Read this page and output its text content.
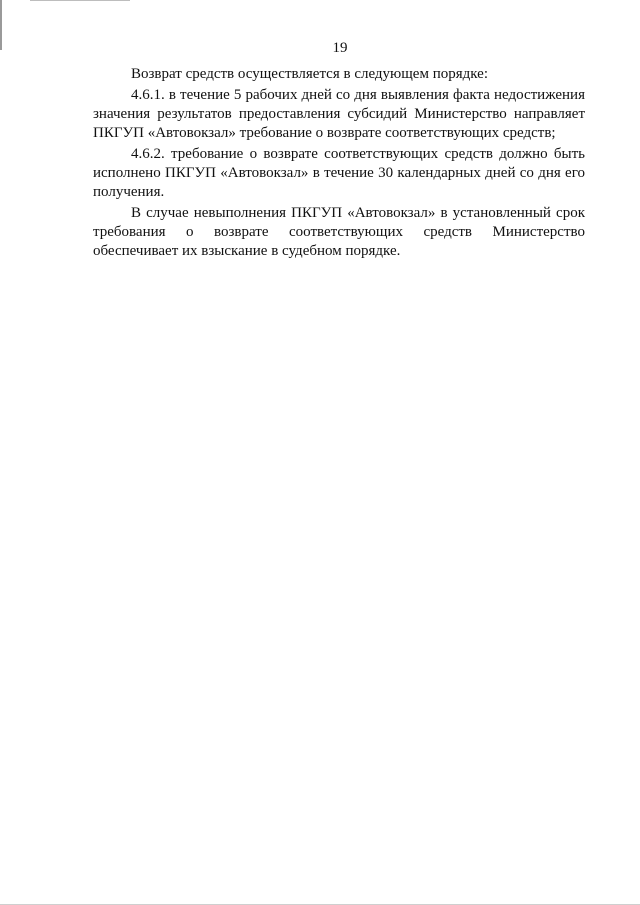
19

Возврат средств осуществляется в следующем порядке:

4.6.1. в течение 5 рабочих дней со дня выявления факта недостижения значения результатов предоставления субсидий Министерство направляет ПКГУП «Автовокзал» требование о возврате соответствующих средств;

4.6.2. требование о возврате соответствующих средств должно быть исполнено ПКГУП «Автовокзал» в течение 30 календарных дней со дня его получения.

В случае невыполнения ПКГУП «Автовокзал» в установленный срок требования о возврате соответствующих средств Министерство обеспечивает их взыскание в судебном порядке.
